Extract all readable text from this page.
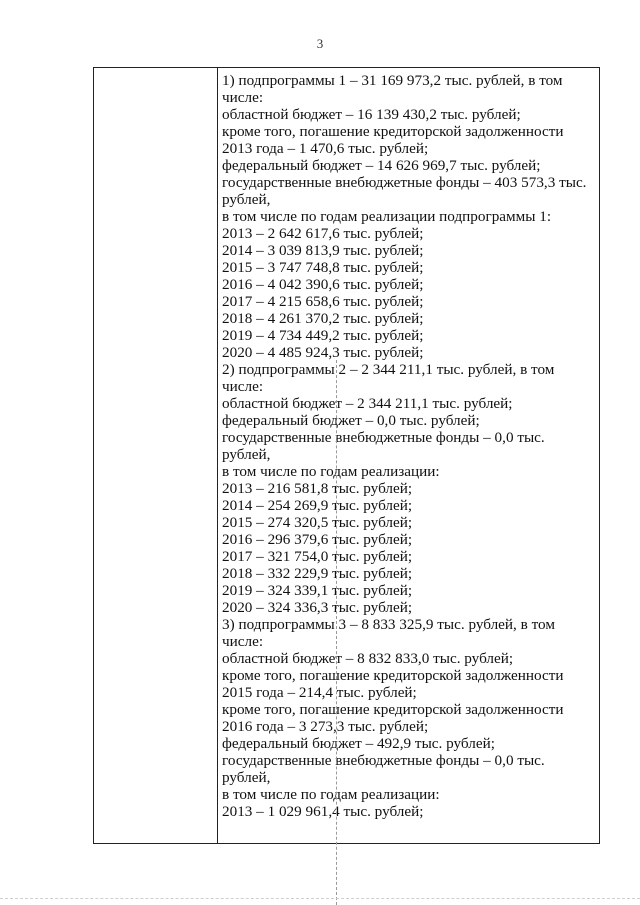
3
1) подпрограммы 1 – 31 169 973,2 тыс. рублей, в том
числе:
областной бюджет – 16 139 430,2 тыс. рублей;
кроме того, погашение кредиторской задолженности
2013 года – 1 470,6 тыс. рублей;
федеральный бюджет – 14 626 969,7 тыс. рублей;
государственные внебюджетные фонды – 403 573,3 тыс.
рублей,
в том числе по годам реализации подпрограммы 1:
2013 – 2 642 617,6 тыс. рублей;
2014 – 3 039 813,9 тыс. рублей;
2015 – 3 747 748,8 тыс. рублей;
2016 – 4 042 390,6 тыс. рублей;
2017 – 4 215 658,6 тыс. рублей;
2018 – 4 261 370,2 тыс. рублей;
2019 – 4 734 449,2 тыс. рублей;
2020 – 4 485 924,3 тыс. рублей;
2) подпрограммы 2 – 2 344 211,1 тыс. рублей, в том
числе:
областной бюджет – 2 344 211,1 тыс. рублей;
федеральный бюджет – 0,0 тыс. рублей;
государственные внебюджетные фонды – 0,0 тыс.
рублей,
в том числе по годам реализации:
2013 – 216 581,8 тыс. рублей;
2014 – 254 269,9 тыс. рублей;
2015 – 274 320,5 тыс. рублей;
2016 – 296 379,6 тыс. рублей;
2017 – 321 754,0 тыс. рублей;
2018 – 332 229,9 тыс. рублей;
2019 – 324 339,1 тыс. рублей;
2020 – 324 336,3 тыс. рублей;
3) подпрограммы 3 – 8 833 325,9 тыс. рублей, в том
числе:
областной бюджет – 8 832 833,0 тыс. рублей;
кроме того, погашение кредиторской задолженности
2015 года – 214,4 тыс. рублей;
кроме того, погашение кредиторской задолженности
2016 года – 3 273,3 тыс. рублей;
федеральный бюджет – 492,9 тыс. рублей;
государственные внебюджетные фонды – 0,0 тыс.
рублей,
в том числе по годам реализации:
2013 – 1 029 961,4 тыс. рублей;
